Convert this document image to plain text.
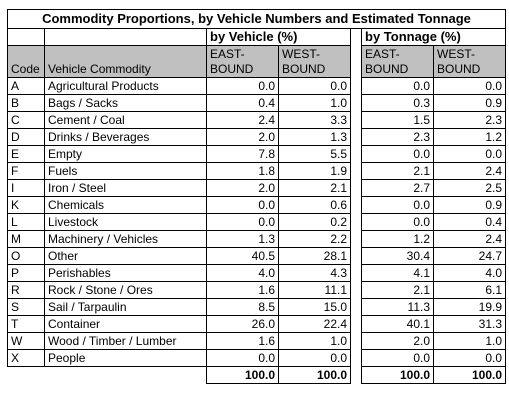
Commodity Proportions, by Vehicle Numbers and Estimated Tonnage						
		by Vehicle (%)			by Tonnage (%)	
Code	Vehicle Commodity	EAST-BOUND	WEST-BOUND		EAST-BOUND	WEST-BOUND
A	Agricultural Products	0.0	0.0		0.0	0.0
B	Bags / Sacks	0.4	1.0		0.3	0.9
C	Cement / Coal	2.4	3.3		1.5	2.3
D	Drinks / Beverages	2.0	1.3		2.3	1.2
E	Empty	7.8	5.5		0.0	0.0
F	Fuels	1.8	1.9		2.1	2.4
I	Iron / Steel	2.0	2.1		2.7	2.5
K	Chemicals	0.0	0.6		0.0	0.9
L	Livestock	0.0	0.2		0.0	0.4
M	Machinery / Vehicles	1.3	2.2		1.2	2.4
O	Other	40.5	28.1		30.4	24.7
P	Perishables	4.0	4.3		4.1	4.0
R	Rock / Stone / Ores	1.6	11.1		2.1	6.1
S	Sail / Tarpaulin	8.5	15.0		11.3	19.9
T	Container	26.0	22.4		40.1	31.3
W	Wood / Timber / Lumber	1.6	1.0		2.0	1.0
X	People	0.0	0.0		0.0	0.0
		100.0	100.0		100.0	100.0
